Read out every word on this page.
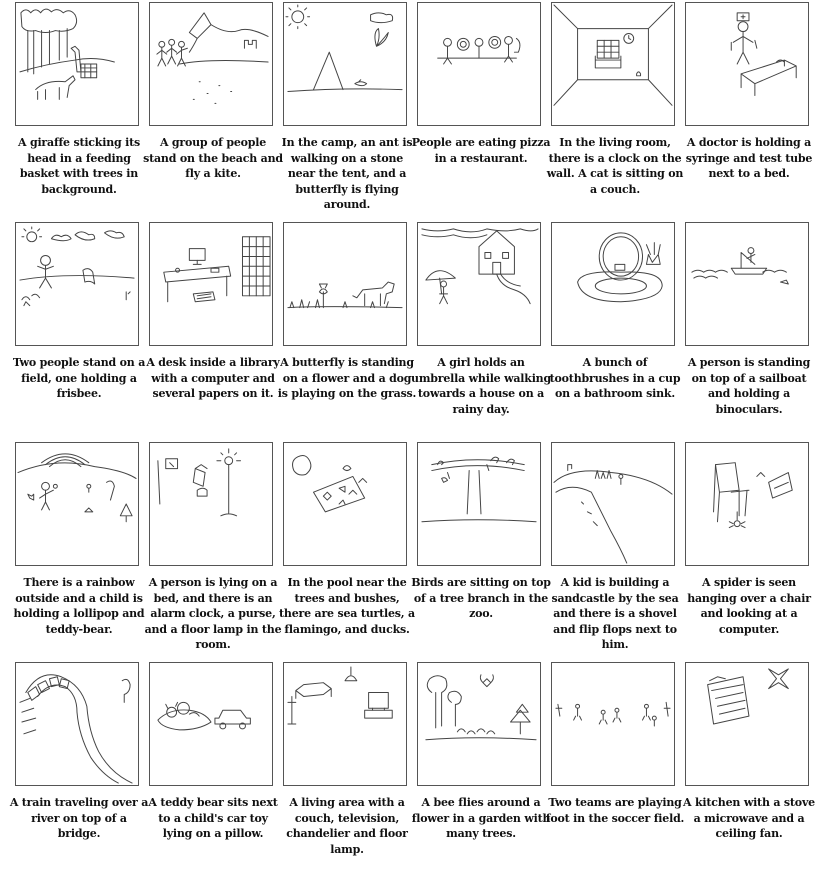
A giraffe sticking its head in a feeding basket with trees in background.
A group of people stand on the beach and fly a kite.
In the camp, an ant is walking on a stone near the tent, and a butterfly is flying around.
People are eating pizza in a restaurant.
In the living room, there is a clock on the wall. A cat is sitting on a couch.
A doctor is holding a syringe and test tube next to a bed.
Two people stand on a field, one holding a frisbee.
A desk inside a library with a computer and several papers on it.
A butterfly is standing on a flower and a dog is playing on the grass.
A girl holds an umbrella while walking towards a house on a rainy day.
A bunch of toothbrushes in a cup on a bathroom sink.
A person is standing on top of a sailboat and holding a binoculars.
There is a rainbow outside and a child is holding a lollipop and teddy-bear.
A person is lying on a bed, and there is an alarm clock, a purse, and a floor lamp in the room.
In the pool near the trees and bushes, there are sea turtles, a flamingo, and ducks.
Birds are sitting on top of a tree branch in the zoo.
A kid is building a sandcastle by the sea and there is a shovel and flip flops next to him.
A spider is seen hanging over a chair and looking at a computer.
A train traveling over a river on top of a bridge.
A teddy bear sits next to a child's car toy lying on a pillow.
A living area with a couch, television, chandelier and floor lamp.
A bee flies around a flower in a garden with many trees.
Two teams are playing foot in the soccer field.
A kitchen with a stove a microwave and a ceiling fan.
